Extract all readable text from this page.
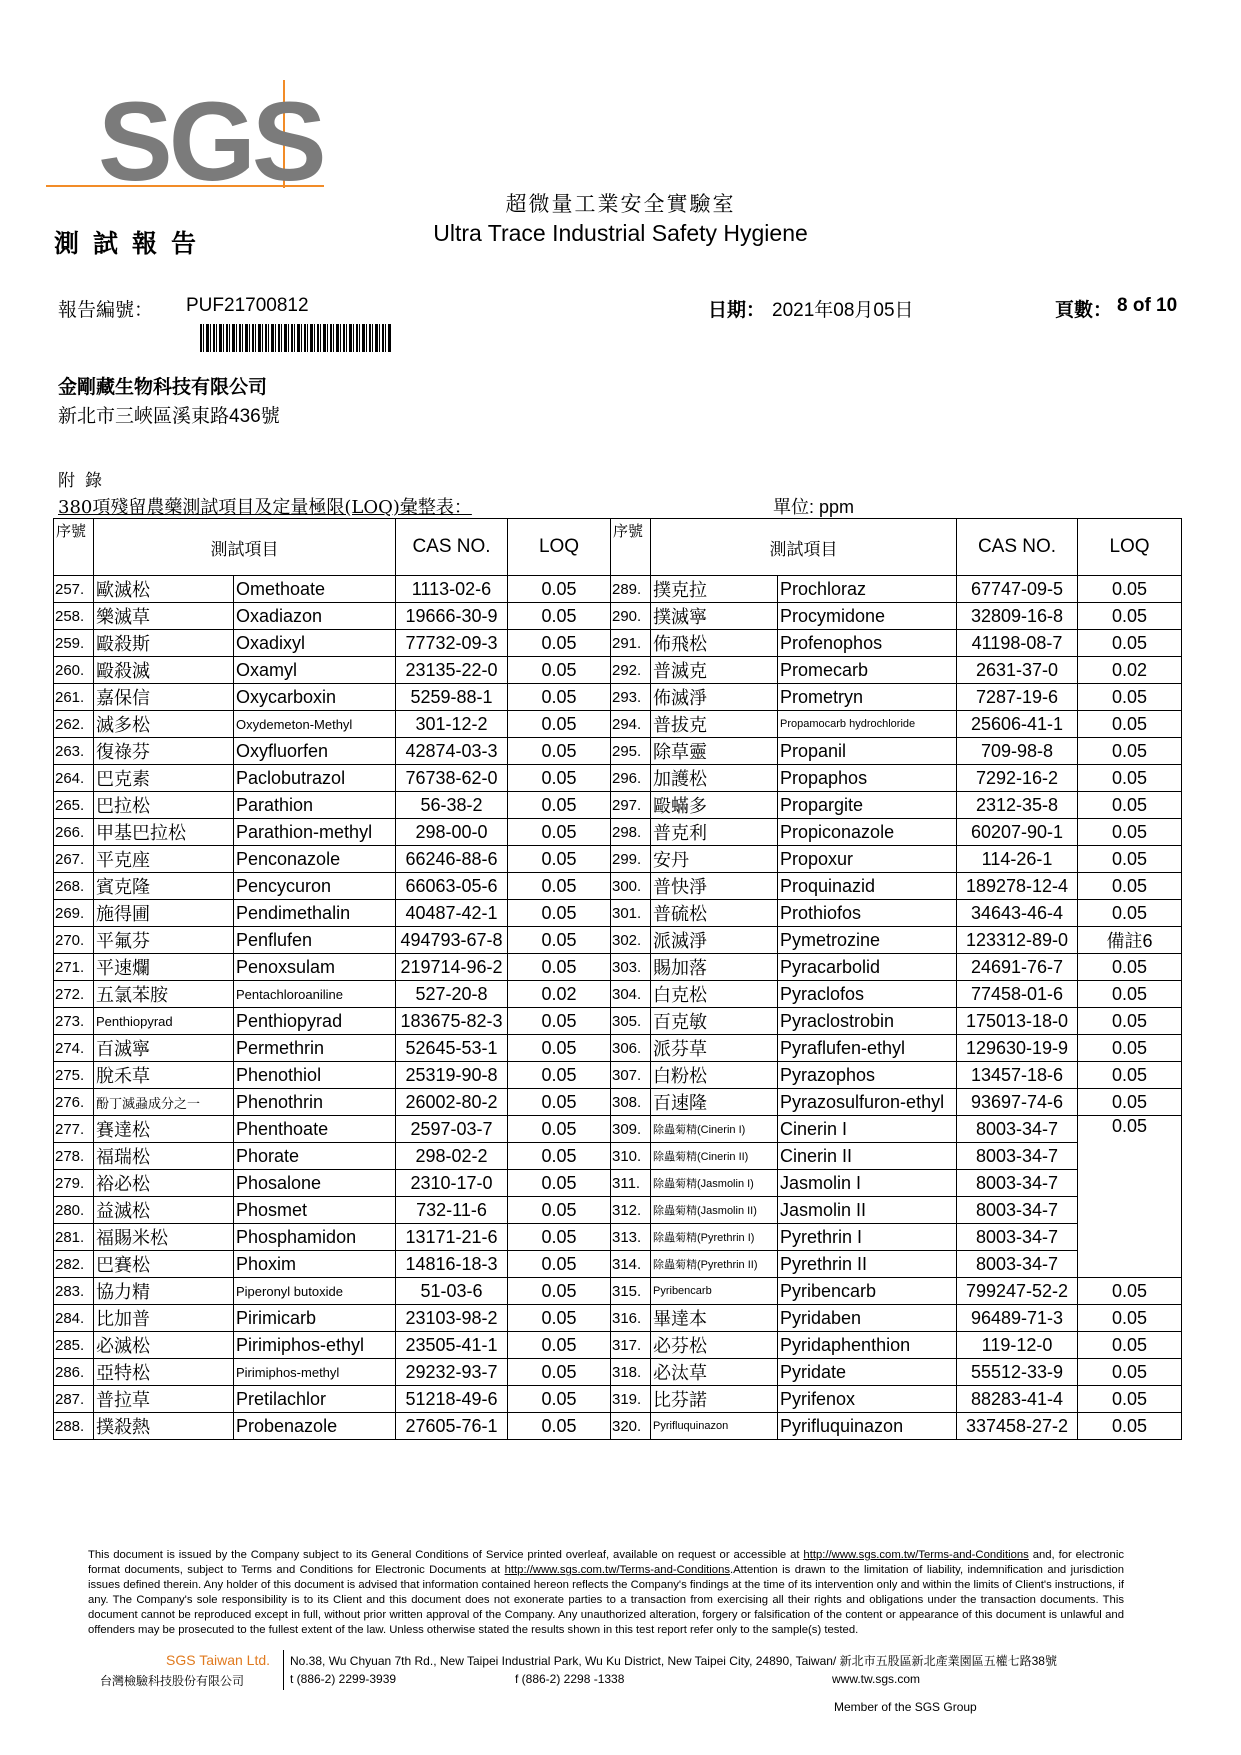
SGS
測試報告
超微量工業安全實驗室
Ultra Trace Industrial Safety Hygiene
報告編號： PUF21700812	日期： 2021年08月05日	頁數： 8 of 10
金剛藏生物科技有限公司
新北市三峽區溪東路436號
附錄
380項殘留農藥測試項目及定量極限(LOQ)彙整表：	單位: ppm
序號	測試項目		CAS NO.	LOQ	序號	測試項目		CAS NO.	LOQ
257.	歐滅松	Omethoate	1113-02-6	0.05	289.	撲克拉	Prochloraz	67747-09-5	0.05
258.	樂滅草	Oxadiazon	19666-30-9	0.05	290.	撲滅寧	Procymidone	32809-16-8	0.05
259.	毆殺斯	Oxadixyl	77732-09-3	0.05	291.	佈飛松	Profenophos	41198-08-7	0.05
260.	毆殺滅	Oxamyl	23135-22-0	0.05	292.	普滅克	Promecarb	2631-37-0	0.02
261.	嘉保信	Oxycarboxin	5259-88-1	0.05	293.	佈滅淨	Prometryn	7287-19-6	0.05
262.	滅多松	Oxydemeton-Methyl	301-12-2	0.05	294.	普拔克	Propamocarb hydrochloride	25606-41-1	0.05
263.	復祿芬	Oxyfluorfen	42874-03-3	0.05	295.	除草靈	Propanil	709-98-8	0.05
264.	巴克素	Paclobutrazol	76738-62-0	0.05	296.	加護松	Propaphos	7292-16-2	0.05
265.	巴拉松	Parathion	56-38-2	0.05	297.	毆蟎多	Propargite	2312-35-8	0.05
266.	甲基巴拉松	Parathion-methyl	298-00-0	0.05	298.	普克利	Propiconazole	60207-90-1	0.05
267.	平克座	Penconazole	66246-88-6	0.05	299.	安丹	Propoxur	114-26-1	0.05
268.	賓克隆	Pencycuron	66063-05-6	0.05	300.	普快淨	Proquinazid	189278-12-4	0.05
269.	施得圃	Pendimethalin	40487-42-1	0.05	301.	普硫松	Prothiofos	34643-46-4	0.05
270.	平氟芬	Penflufen	494793-67-8	0.05	302.	派滅淨	Pymetrozine	123312-89-0	備註6
271.	平速爛	Penoxsulam	219714-96-2	0.05	303.	賜加落	Pyracarbolid	24691-76-7	0.05
272.	五氯苯胺	Pentachloroaniline	527-20-8	0.02	304.	白克松	Pyraclofos	77458-01-6	0.05
273.	Penthiopyrad	Penthiopyrad	183675-82-3	0.05	305.	百克敏	Pyraclostrobin	175013-18-0	0.05
274.	百滅寧	Permethrin	52645-53-1	0.05	306.	派芬草	Pyraflufen-ethyl	129630-19-9	0.05
275.	脫禾草	Phenothiol	25319-90-8	0.05	307.	白粉松	Pyrazophos	13457-18-6	0.05
276.	酚丁滅蝨成分之一	Phenothrin	26002-80-2	0.05	308.	百速隆	Pyrazosulfuron-ethyl	93697-74-6	0.05
277.	賽達松	Phenthoate	2597-03-7	0.05	309.	除蟲菊精(Cinerin I)	Cinerin I	8003-34-7	0.05
278.	福瑞松	Phorate	298-02-2	0.05	310.	除蟲菊精(Cinerin II)	Cinerin II	8003-34-7	
279.	裕必松	Phosalone	2310-17-0	0.05	311.	除蟲菊精(Jasmolin I)	Jasmolin I	8003-34-7	
280.	益滅松	Phosmet	732-11-6	0.05	312.	除蟲菊精(Jasmolin II)	Jasmolin II	8003-34-7	
281.	福賜米松	Phosphamidon	13171-21-6	0.05	313.	除蟲菊精(Pyrethrin I)	Pyrethrin I	8003-34-7	
282.	巴賽松	Phoxim	14816-18-3	0.05	314.	除蟲菊精(Pyrethrin II)	Pyrethrin II	8003-34-7	
283.	協力精	Piperonyl butoxide	51-03-6	0.05	315.	Pyribencarb	Pyribencarb	799247-52-2	0.05
284.	比加普	Pirimicarb	23103-98-2	0.05	316.	畢達本	Pyridaben	96489-71-3	0.05
285.	必滅松	Pirimiphos-ethyl	23505-41-1	0.05	317.	必芬松	Pyridaphenthion	119-12-0	0.05
286.	亞特松	Pirimiphos-methyl	29232-93-7	0.05	318.	必汰草	Pyridate	55512-33-9	0.05
287.	普拉草	Pretilachlor	51218-49-6	0.05	319.	比芬諾	Pyrifenox	88283-41-4	0.05
288.	撲殺熱	Probenazole	27605-76-1	0.05	320.	Pyrifluquinazon	Pyrifluquinazon	337458-27-2	0.05
This document is issued by the Company subject to its General Conditions of Service printed overleaf, available on request or accessible at http://www.sgs.com.tw/Terms-and-Conditions and, for electronic format documents, subject to Terms and Conditions for Electronic Documents at http://www.sgs.com.tw/Terms-and-Conditions.Attention is drawn to the limitation of liability, indemnification and jurisdiction issues defined therein. Any holder of this document is advised that information contained hereon reflects the Company's findings at the time of its intervention only and within the limits of Client's instructions, if any. The Company's sole responsibility is to its Client and this document does not exonerate parties to a transaction from exercising all their rights and obligations under the transaction documents. This document cannot be reproduced except in full, without prior written approval of the Company. Any unauthorized alteration, forgery or falsification of the content or appearance of this document is unlawful and offenders may be prosecuted to the fullest extent of the law. Unless otherwise stated the results shown in this test report refer only to the sample(s) tested.
SGS Taiwan Ltd.
台灣檢驗科技股份有限公司
No.38, Wu Chyuan 7th Rd., New Taipei Industrial Park, Wu Ku District, New Taipei City, 24890, Taiwan/ 新北市五股區新北產業園區五權七路38號
t (886-2) 2299-3939	f (886-2) 2298 -1338	www.tw.sgs.com
Member of the SGS Group
